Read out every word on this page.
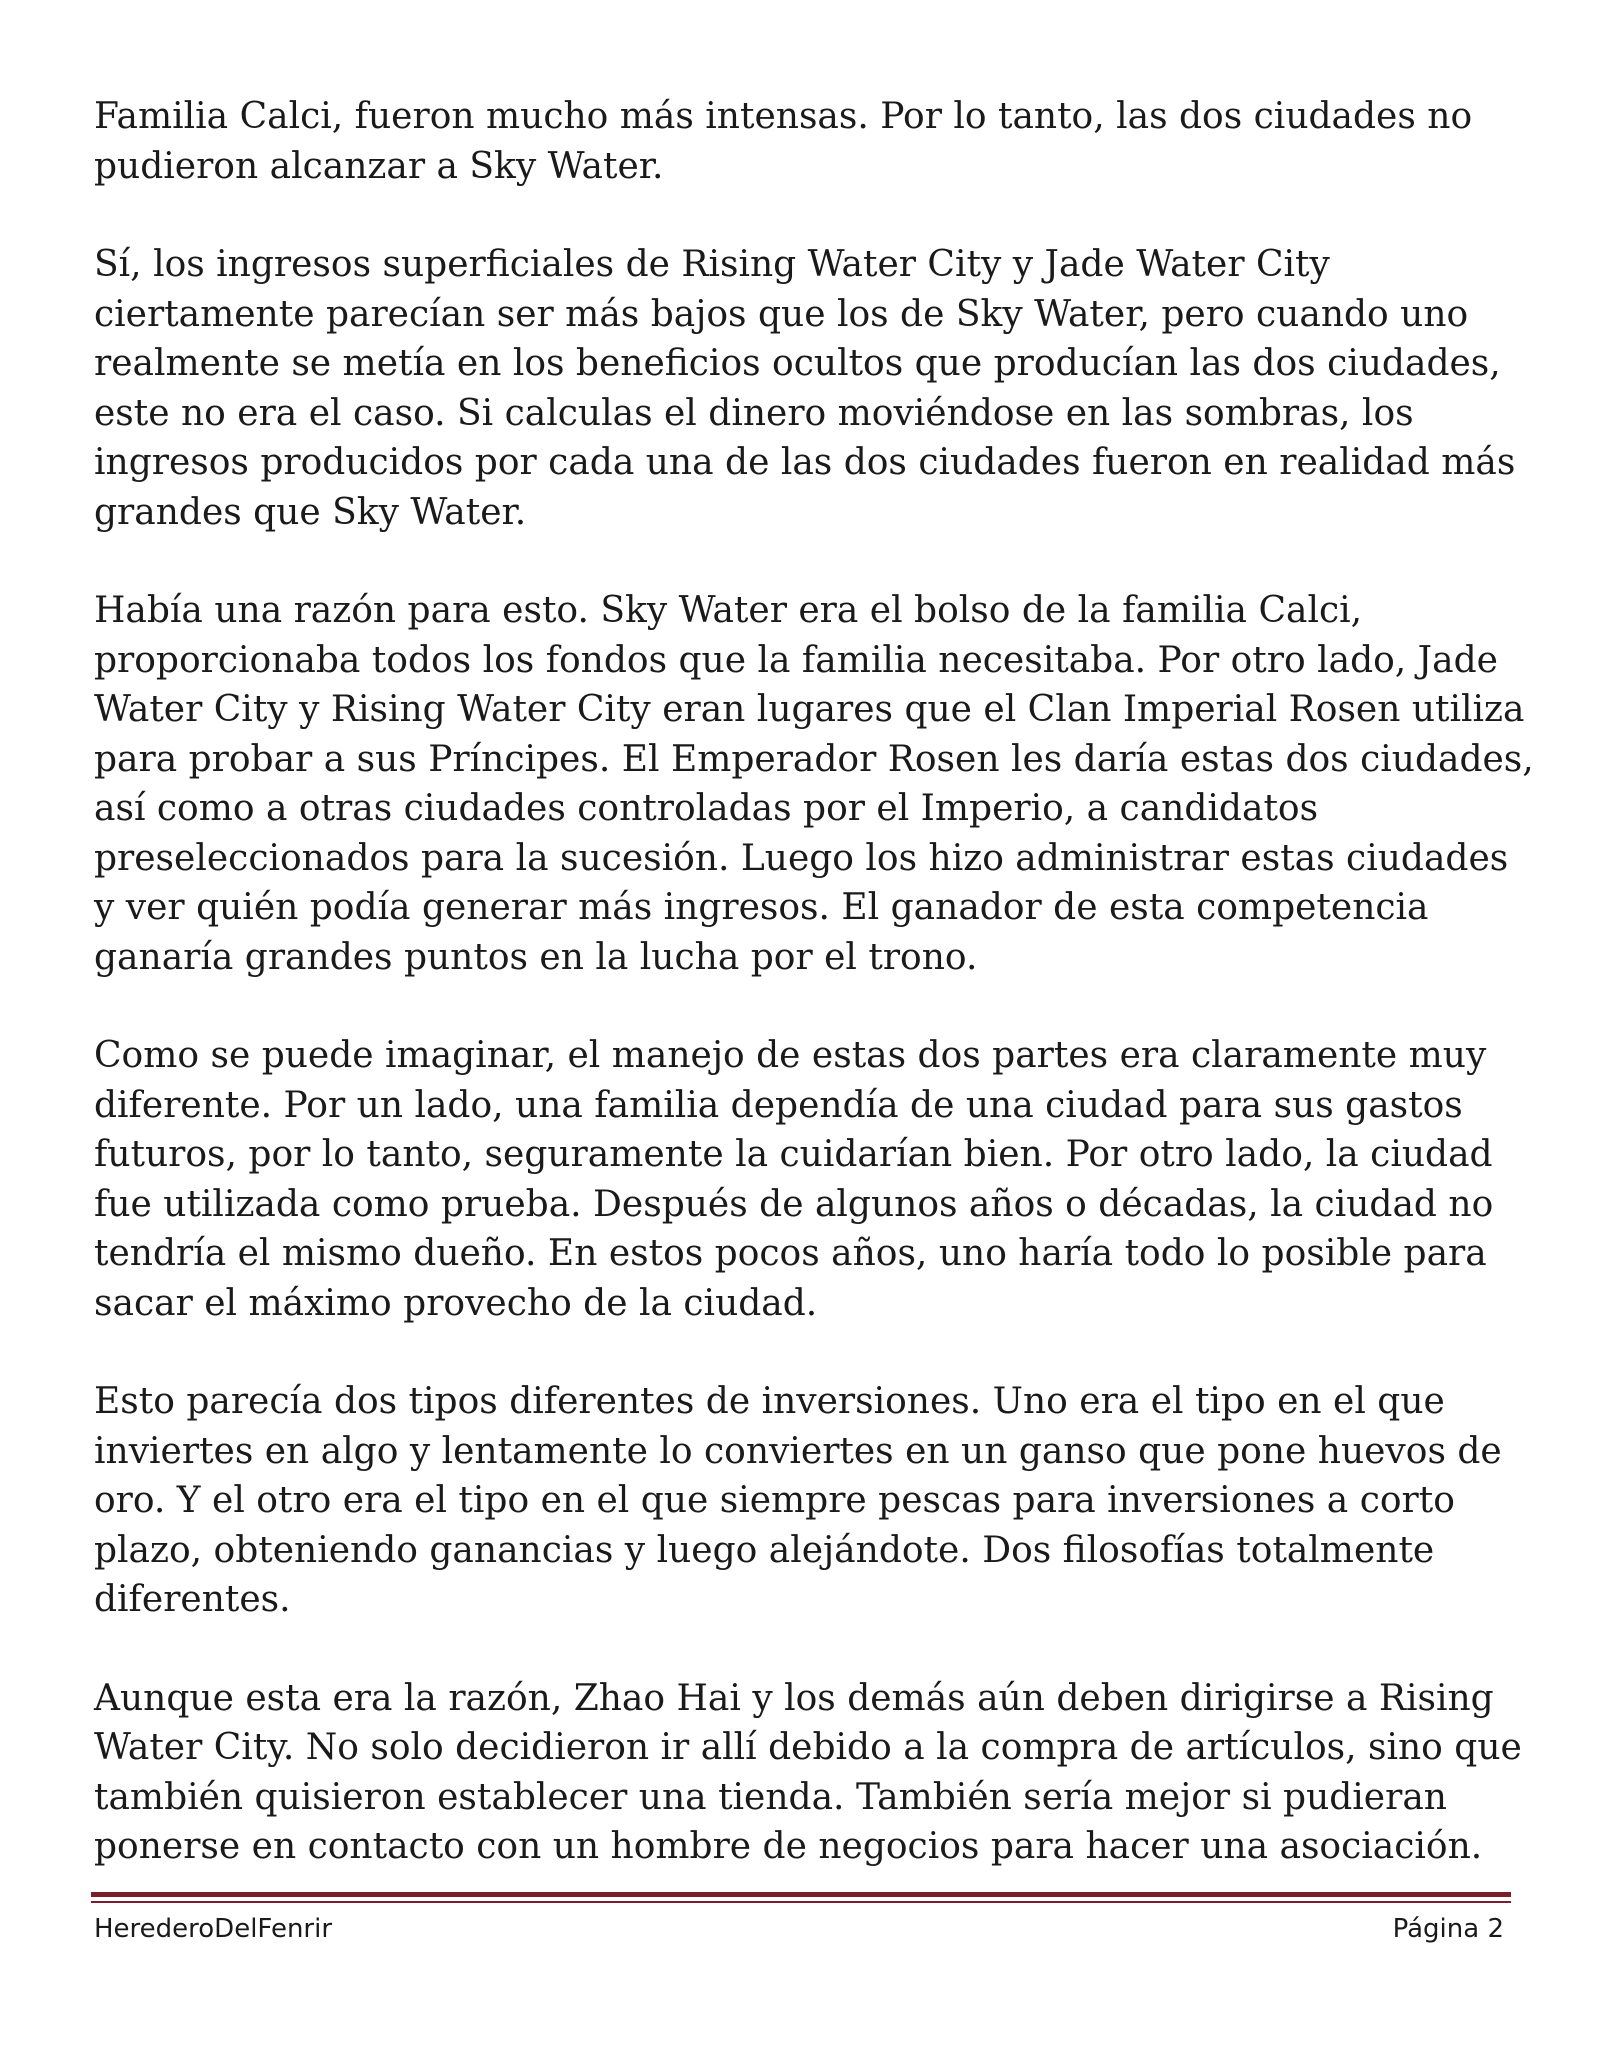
Familia Calci, fueron mucho más intensas. Por lo tanto, las dos ciudades no
pudieron alcanzar a Sky Water.

Sí, los ingresos superficiales de Rising Water City y Jade Water City
ciertamente parecían ser más bajos que los de Sky Water, pero cuando uno
realmente se metía en los beneficios ocultos que producían las dos ciudades,
este no era el caso. Si calculas el dinero moviéndose en las sombras, los
ingresos producidos por cada una de las dos ciudades fueron en realidad más
grandes que Sky Water.

Había una razón para esto. Sky Water era el bolso de la familia Calci,
proporcionaba todos los fondos que la familia necesitaba. Por otro lado, Jade
Water City y Rising Water City eran lugares que el Clan Imperial Rosen utiliza
para probar a sus Príncipes. El Emperador Rosen les daría estas dos ciudades,
así como a otras ciudades controladas por el Imperio, a candidatos
preseleccionados para la sucesión. Luego los hizo administrar estas ciudades
y ver quién podía generar más ingresos. El ganador de esta competencia
ganaría grandes puntos en la lucha por el trono.

Como se puede imaginar, el manejo de estas dos partes era claramente muy
diferente. Por un lado, una familia dependía de una ciudad para sus gastos
futuros, por lo tanto, seguramente la cuidarían bien. Por otro lado, la ciudad
fue utilizada como prueba. Después de algunos años o décadas, la ciudad no
tendría el mismo dueño. En estos pocos años, uno haría todo lo posible para
sacar el máximo provecho de la ciudad.

Esto parecía dos tipos diferentes de inversiones. Uno era el tipo en el que
inviertes en algo y lentamente lo conviertes en un ganso que pone huevos de
oro. Y el otro era el tipo en el que siempre pescas para inversiones a corto
plazo, obteniendo ganancias y luego alejándote. Dos filosofías totalmente
diferentes.

Aunque esta era la razón, Zhao Hai y los demás aún deben dirigirse a Rising
Water City. No solo decidieron ir allí debido a la compra de artículos, sino que
también quisieron establecer una tienda. También sería mejor si pudieran
ponerse en contacto con un hombre de negocios para hacer una asociación.

HerederoDelFenrir	Página 2
